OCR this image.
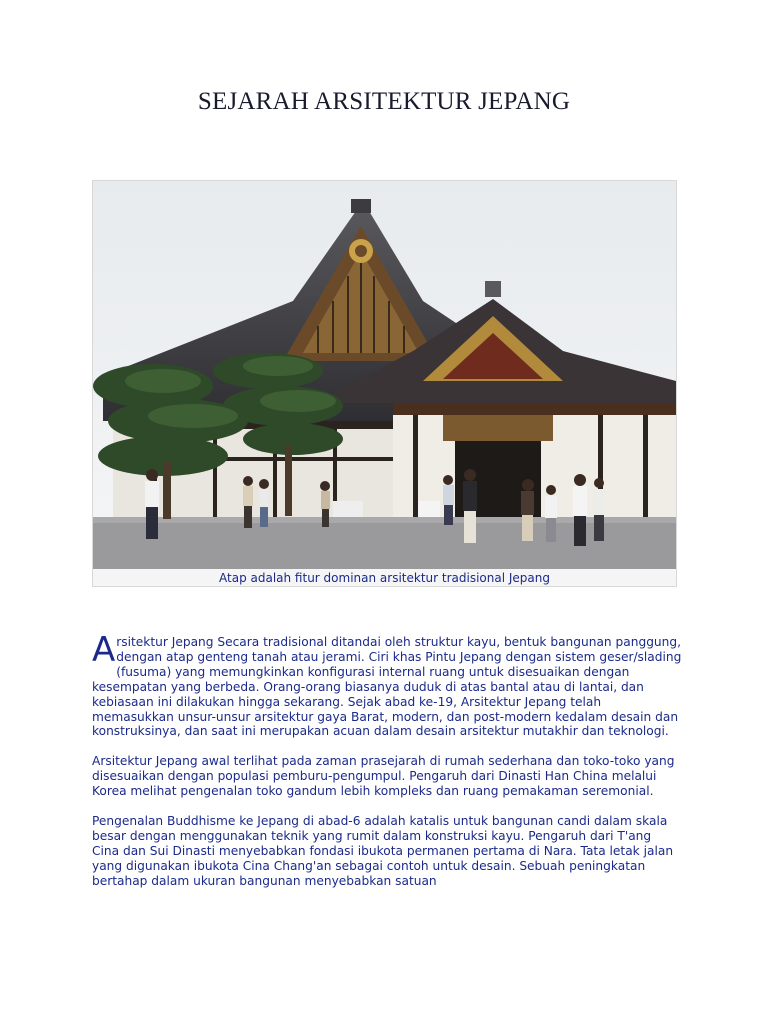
SEJARAH ARSITEKTUR JEPANG
Atap adalah fitur dominan arsitektur tradisional Jepang

Arsitektur Jepang Secara tradisional ditandai oleh struktur kayu, bentuk bangunan panggung, dengan atap genteng tanah atau jerami. Ciri khas Pintu Jepang dengan sistem geser/slading (fusuma) yang memungkinkan konfigurasi internal ruang untuk disesuaikan dengan kesempatan yang berbeda. Orang-orang biasanya duduk di atas bantal atau di lantai, dan kebiasaan ini dilakukan hingga sekarang. Sejak abad ke-19, Arsitektur Jepang telah memasukkan unsur-unsur arsitektur gaya Barat, modern, dan post-modern kedalam desain dan konstruksinya, dan saat ini merupakan acuan dalam desain arsitektur mutakhir dan teknologi.

Arsitektur Jepang awal terlihat pada zaman prasejarah di rumah sederhana dan toko-toko yang disesuaikan dengan populasi pemburu-pengumpul. Pengaruh dari Dinasti Han China melalui Korea melihat pengenalan toko gandum lebih kompleks dan ruang pemakaman seremonial.

Pengenalan Buddhisme ke Jepang di abad-6 adalah katalis untuk bangunan candi dalam skala besar dengan menggunakan teknik yang rumit dalam konstruksi kayu. Pengaruh dari T'ang Cina dan Sui Dinasti menyebabkan fondasi ibukota permanen pertama di Nara. Tata letak jalan yang digunakan ibukota Cina Chang'an sebagai contoh untuk desain. Sebuah peningkatan bertahap dalam ukuran bangunan menyebabkan satuan
